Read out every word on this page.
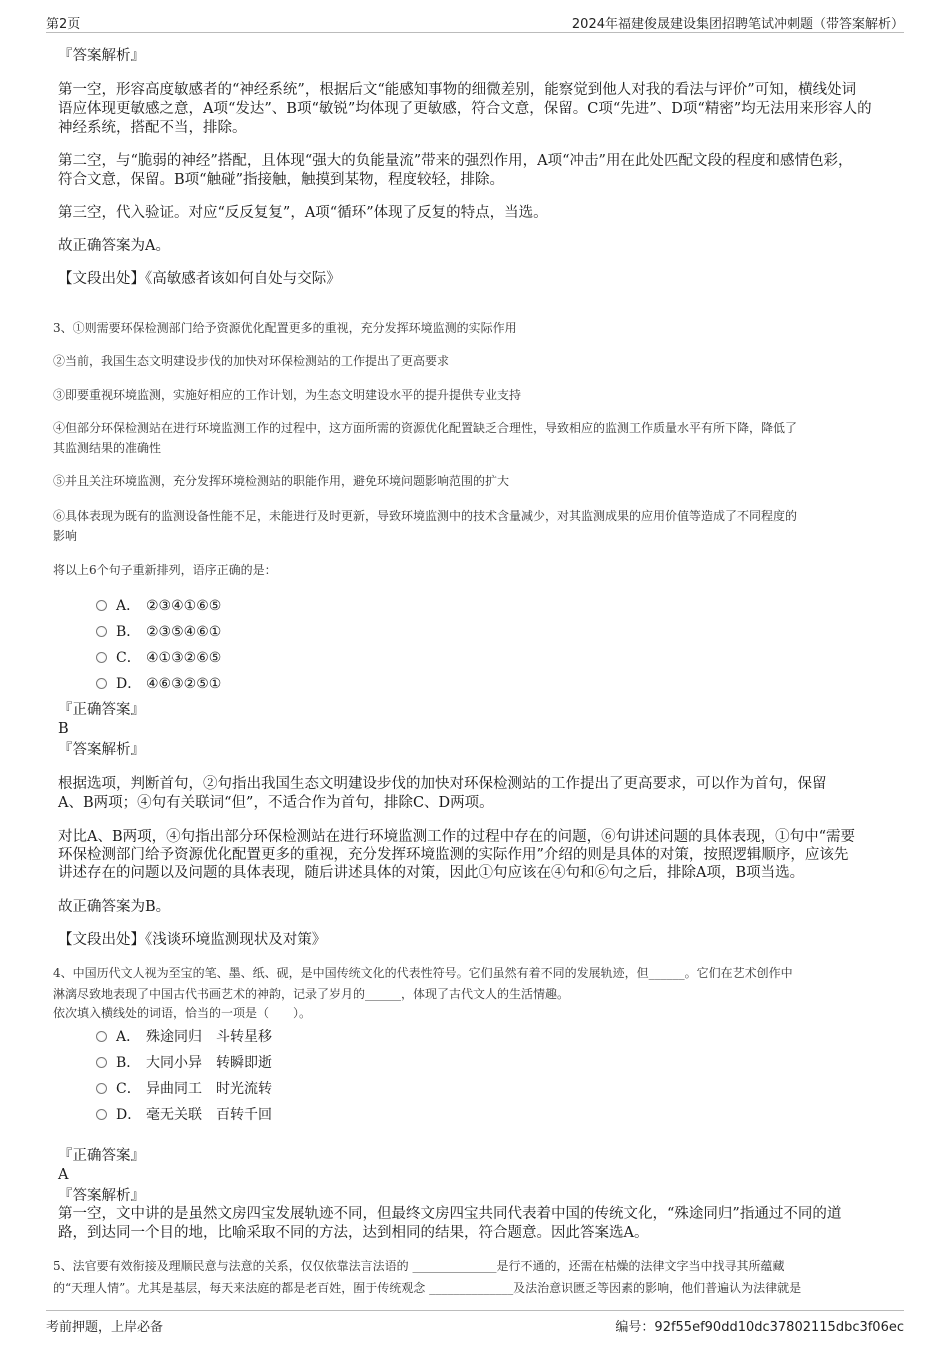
第2页	2024年福建俊晟建设集团招聘笔试冲刺题（带答案解析）
『答案解析』
第一空，形容高度敏感者的“神经系统”，根据后文“能感知事物的细微差别，能察觉到他人对我的看法与评价”可知，横线处词
语应体现更敏感之意，A项“发达”、B项“敏锐”均体现了更敏感，符合文意，保留。C项“先进”、D项“精密”均无法用来形容人的
神经系统，搭配不当，排除。
第二空，与“脆弱的神经”搭配，且体现“强大的负能量流”带来的强烈作用，A项“冲击”用在此处匹配文段的程度和感情色彩，
符合文意，保留。B项“触碰”指接触，触摸到某物，程度较轻，排除。
第三空，代入验证。对应“反反复复”，A项“循环”体现了反复的特点，当选。
故正确答案为A。
【文段出处】《高敏感者该如何自处与交际》
3、①则需要环保检测部门给予资源优化配置更多的重视，充分发挥环境监测的实际作用
②当前，我国生态文明建设步伐的加快对环保检测站的工作提出了更高要求
③即要重视环境监测，实施好相应的工作计划，为生态文明建设水平的提升提供专业支持
④但部分环保检测站在进行环境监测工作的过程中，这方面所需的资源优化配置缺乏合理性，导致相应的监测工作质量水平有所下降，降低了
其监测结果的准确性
⑤并且关注环境监测，充分发挥环境检测站的职能作用，避免环境问题影响范围的扩大
⑥具体表现为既有的监测设备性能不足，未能进行及时更新，导致环境监测中的技术含量减少，对其监测成果的应用价值等造成了不同程度的
影响
将以上6个句子重新排列，语序正确的是：
A． ②③④①⑥⑤
B． ②③⑤④⑥①
C． ④①③②⑥⑤
D． ④⑥③②⑤①
『正确答案』
B
『答案解析』
根据选项，判断首句，②句指出我国生态文明建设步伐的加快对环保检测站的工作提出了更高要求，可以作为首句，保留
A、B两项；④句有关联词“但”，不适合作为首句，排除C、D两项。
对比A、B两项，④句指出部分环保检测站在进行环境监测工作的过程中存在的问题，⑥句讲述问题的具体表现，①句中“需要
环保检测部门给予资源优化配置更多的重视，充分发挥环境监测的实际作用”介绍的则是具体的对策，按照逻辑顺序，应该先
讲述存在的问题以及问题的具体表现，随后讲述具体的对策，因此①句应该在④句和⑥句之后，排除A项，B项当选。
故正确答案为B。
【文段出处】《浅谈环境监测现状及对策》
4、中国历代文人视为至宝的笔、墨、纸、砚，是中国传统文化的代表性符号。它们虽然有着不同的发展轨迹，但______。它们在艺术创作中
淋漓尽致地表现了中国古代书画艺术的神韵，记录了岁月的______，体现了古代文人的生活情趣。
依次填入横线处的词语，恰当的一项是（　　）。
A． 殊途同归 斗转星移
B． 大同小异 转瞬即逝
C． 异曲同工 时光流转
D． 毫无关联 百转千回
『正确答案』
A
『答案解析』
第一空，文中讲的是虽然文房四宝发展轨迹不同，但最终文房四宝共同代表着中国的传统文化，“殊途同归”指通过不同的道
路，到达同一个目的地，比喻采取不同的方法，达到相同的结果，符合题意。因此答案选A。
5、法官要有效衔接及理顺民意与法意的关系，仅仅依靠法言法语的 ______________是行不通的，还需在枯燥的法律文字当中找寻其所蕴藏
的“天理人情”。尤其是基层，每天来法庭的都是老百姓，囿于传统观念 ______________及法治意识匮乏等因素的影响，他们普遍认为法律就是
考前押题，上岸必备	编号：92f55ef90dd10dc37802115dbc3f06ec
